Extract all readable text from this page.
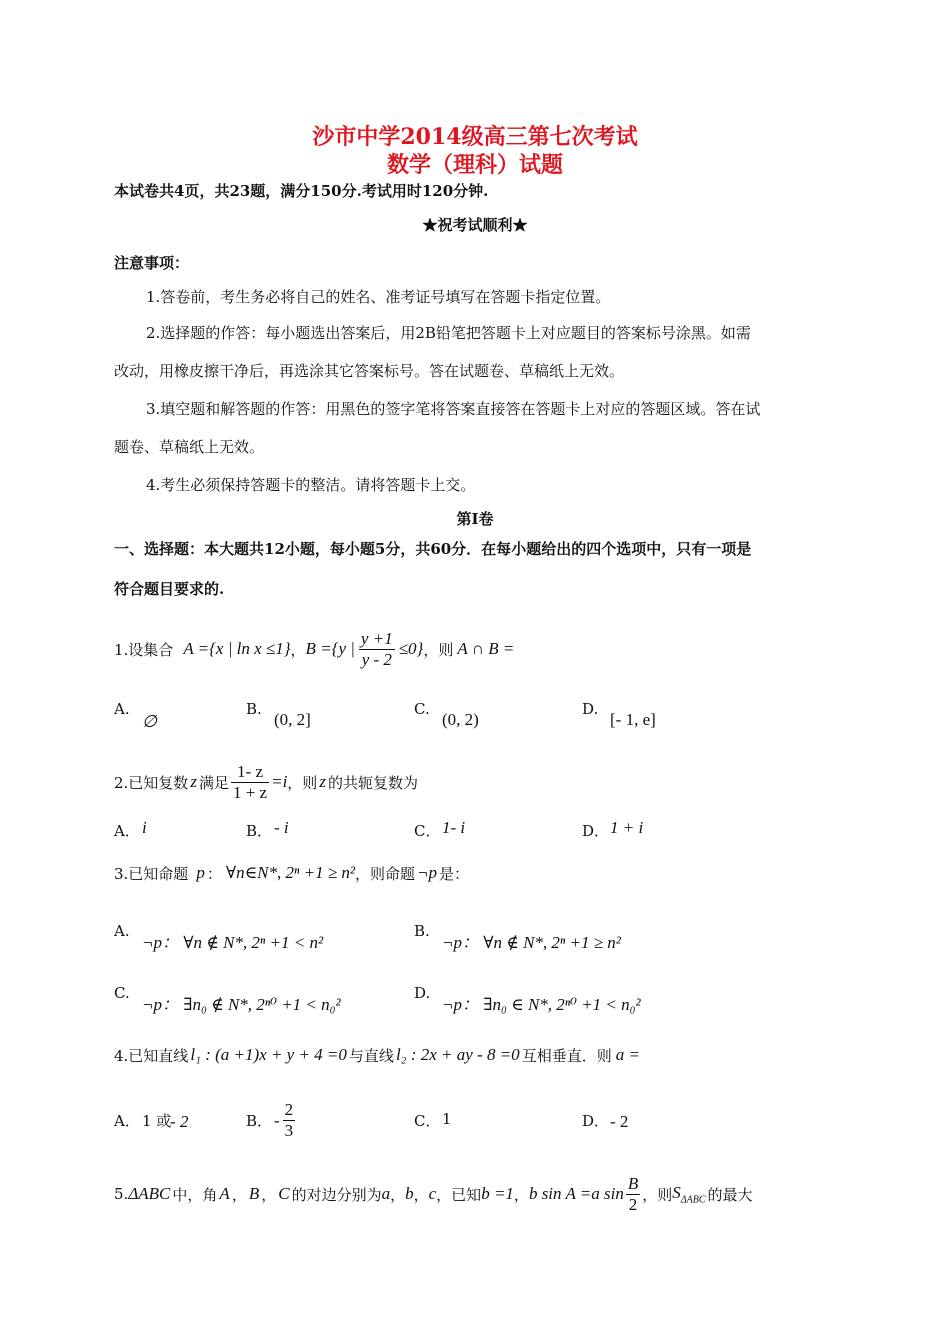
沙市中学2014级高三第七次考试
数学（理科）试题
本试卷共4页，共23题，满分150分.考试用时120分钟.
★祝考试顺利★
注意事项：
1.答卷前，考生务必将自己的姓名、准考证号填写在答题卡指定位置。
2.选择题的作答：每小题选出答案后，用2B铅笔把答题卡上对应题目的答案标号涂黑。如需
改动，用橡皮擦干净后，再选涂其它答案标号。答在试题卷、草稿纸上无效。
3.填空题和解答题的作答：用黑色的签字笔将答案直接答在答题卡上对应的答题区域。答在试
题卷、草稿纸上无效。
4.考生必须保持答题卡的整洁。请将答题卡上交。
第I卷
一、选择题：本大题共12小题，每小题5分，共60分．在每小题给出的四个选项中，只有一项是
符合题目要求的.
1.设集合 A ={x | ln x ≤1} ， B ={y | $\frac{y +1}{y - 2} \le 0$} ，则 A ∩ B =
A.
∅
B.
(0, 2]
C.
(0, 2)
D.
[- 1, e]
2.已知复数 z 满足 $\frac{1- z}{1 + z} =i$ ，则 z 的共轭复数为
A． i	B． - i	C． 1- i	D． 1 + i
3.已知命题 p ： ∀n∈N*, 2ⁿ +1 ≥ n² ，则命题 ¬p 是：
A.
¬p： ∀n ∉ N*, 2ⁿ +1 < n²
B.
¬p： ∀n ∉ N*, 2ⁿ +1 ≥ n²
C.
¬p： ∃n₀ ∉ N*, 2ⁿ⁰ +1 < n₀²
D.
¬p： ∃n₀ ∈ N*, 2ⁿ⁰ +1 < n₀²
4.已知直线 l₁ : (a +1)x + y + 4 =0 与直线 l₂ : 2x + ay - 8 =0 互相垂直．则 a =
A． 1 或
- 2	B． - $\frac{2}{3}$	C． 1	D． - 2
5. ΔABC 中，角 A ， B ， C 的对边分别为 a ， b ， c ，已知 b =1 ， b sin A =a $\sin \frac{B}{2}$ ，则 $S_{\Delta ABC}$ 的最大
